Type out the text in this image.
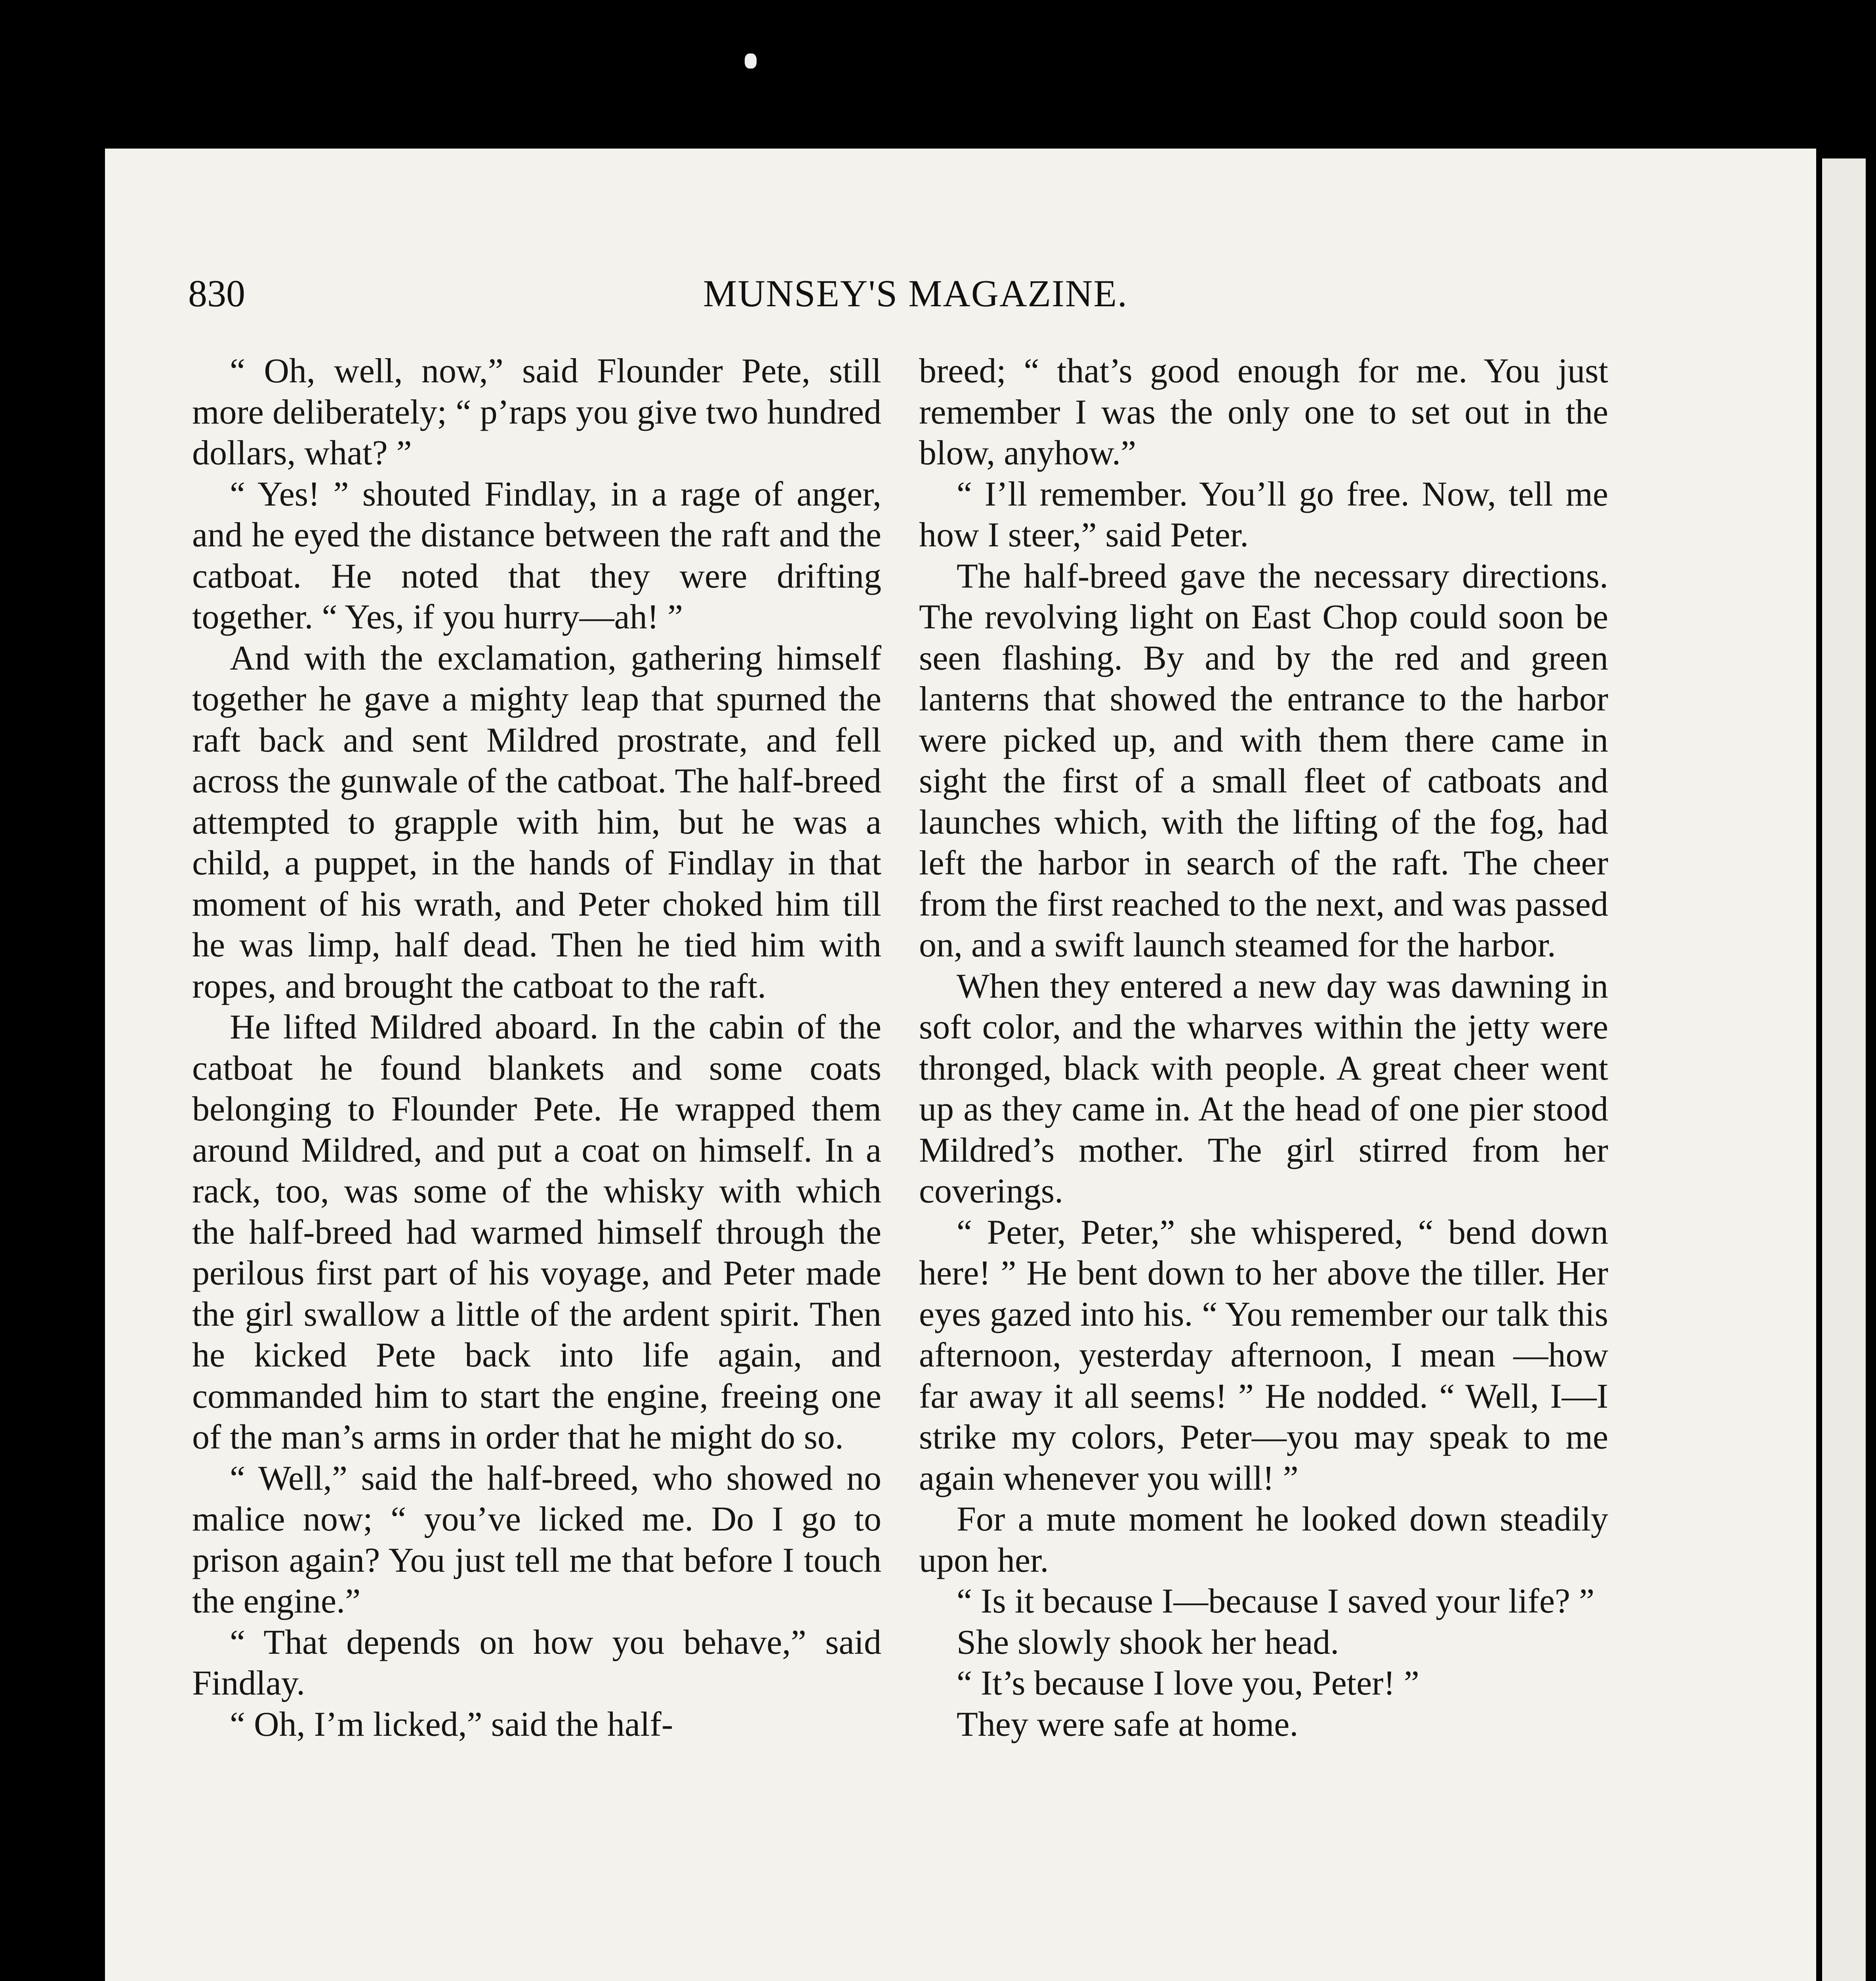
830	MUNSEY'S MAGAZINE.

“ Oh, well, now,” said Flounder Pete, still more deliberately; “ p’raps you give two hundred dollars, what? ”

“ Yes! ” shouted Findlay, in a rage of anger, and he eyed the distance between the raft and the catboat. He noted that they were drifting together. “ Yes, if you hurry—ah! ”

And with the exclamation, gathering himself together he gave a mighty leap that spurned the raft back and sent Mildred prostrate, and fell across the gunwale of the catboat. The half-breed attempted to grapple with him, but he was a child, a puppet, in the hands of Findlay in that moment of his wrath, and Peter choked him till he was limp, half dead. Then he tied him with ropes, and brought the catboat to the raft.

He lifted Mildred aboard. In the cabin of the catboat he found blankets and some coats belonging to Flounder Pete. He wrapped them around Mildred, and put a coat on himself. In a rack, too, was some of the whisky with which the half-breed had warmed himself through the perilous first part of his voyage, and Peter made the girl swallow a little of the ardent spirit. Then he kicked Pete back into life again, and commanded him to start the engine, freeing one of the man’s arms in order that he might do so.

“ Well,” said the half-breed, who showed no malice now; “ you’ve licked me. Do I go to prison again? You just tell me that before I touch the engine.”

“ That depends on how you behave,” said Findlay.

“ Oh, I’m licked,” said the half-

breed; “ that’s good enough for me. You just remember I was the only one to set out in the blow, anyhow.”

“ I’ll remember. You’ll go free. Now, tell me how I steer,” said Peter.

The half-breed gave the necessary directions. The revolving light on East Chop could soon be seen flashing. By and by the red and green lanterns that showed the entrance to the harbor were picked up, and with them there came in sight the first of a small fleet of catboats and launches which, with the lifting of the fog, had left the harbor in search of the raft. The cheer from the first reached to the next, and was passed on, and a swift launch steamed for the harbor.

When they entered a new day was dawning in soft color, and the wharves within the jetty were thronged, black with people. A great cheer went up as they came in. At the head of one pier stood Mildred’s mother. The girl stirred from her coverings.

“ Peter, Peter,” she whispered, “ bend down here! ” He bent down to her above the tiller. Her eyes gazed into his. “ You remember our talk this afternoon, yesterday afternoon, I mean —how far away it all seems! ” He nodded. “ Well, I—I strike my colors, Peter—you may speak to me again whenever you will! ”

For a mute moment he looked down steadily upon her.

“ Is it because I—because I saved your life? ”

She slowly shook her head.

“ It’s because I love you, Peter! ”

They were safe at home.
